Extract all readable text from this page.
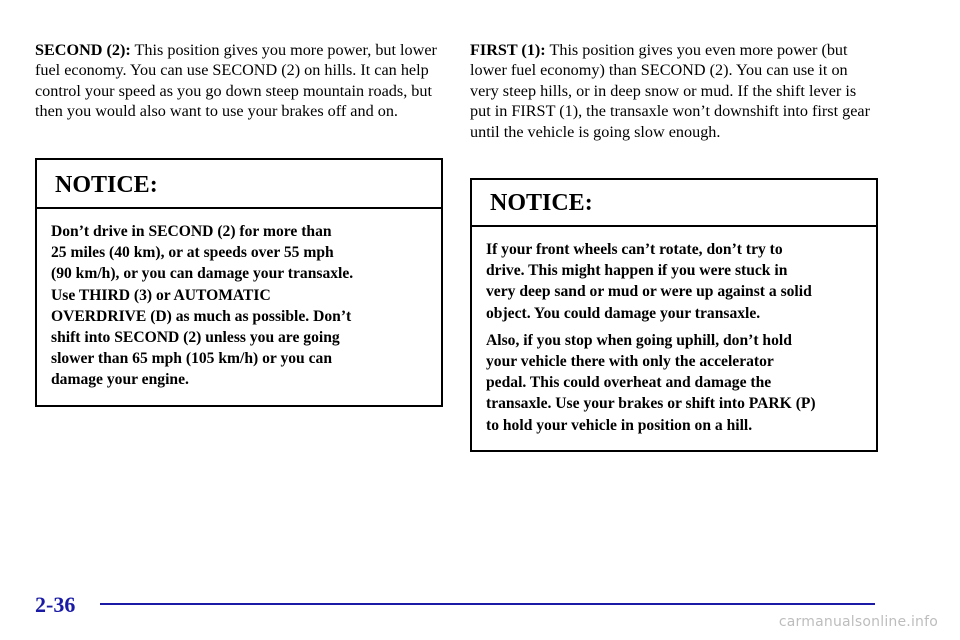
SECOND (2): This position gives you more power, but lower fuel economy. You can use SECOND (2) on hills. It can help control your speed as you go down steep mountain roads, but then you would also want to use your brakes off and on.

NOTICE:

Don’t drive in SECOND (2) for more than
25 miles (40 km), or at speeds over 55 mph
(90 km/h), or you can damage your transaxle.
Use THIRD (3) or AUTOMATIC
OVERDRIVE (D) as much as possible. Don’t
shift into SECOND (2) unless you are going
slower than 65 mph (105 km/h) or you can
damage your engine.

FIRST (1): This position gives you even more power (but lower fuel economy) than SECOND (2). You can use it on very steep hills, or in deep snow or mud. If the shift lever is put in FIRST (1), the transaxle won’t downshift into first gear until the vehicle is going slow enough.

NOTICE:

If your front wheels can’t rotate, don’t try to
drive. This might happen if you were stuck in
very deep sand or mud or were up against a solid
object. You could damage your transaxle.

Also, if you stop when going uphill, don’t hold
your vehicle there with only the accelerator
pedal. This could overheat and damage the
transaxle. Use your brakes or shift into PARK (P)
to hold your vehicle in position on a hill.

2-36
carmanualsonline.info
